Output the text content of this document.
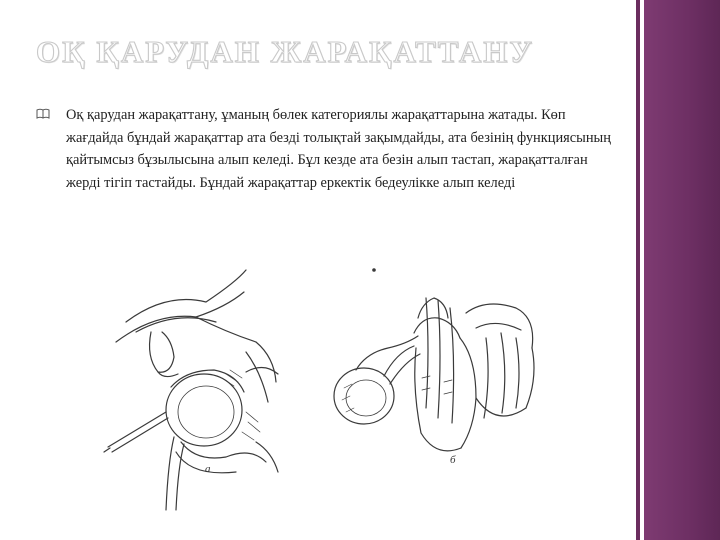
ОҚ ҚАРУДАН ЖАРАҚАТТАНУ

Оқ қарудан жарақаттану, ұманың бөлек категориялы жарақаттарына жатады. Көп жағдайда бұндай жарақаттар ата безді толықтай зақымдайды, ата безінің функциясының қайтымсыз бұзылысына алып келеді. Бұл кезде ата безін алып тастап, жарақатталған жерді тігіп тастайды. Бұндай жарақаттар еркектік бедеулікке алып келеді

а
б
